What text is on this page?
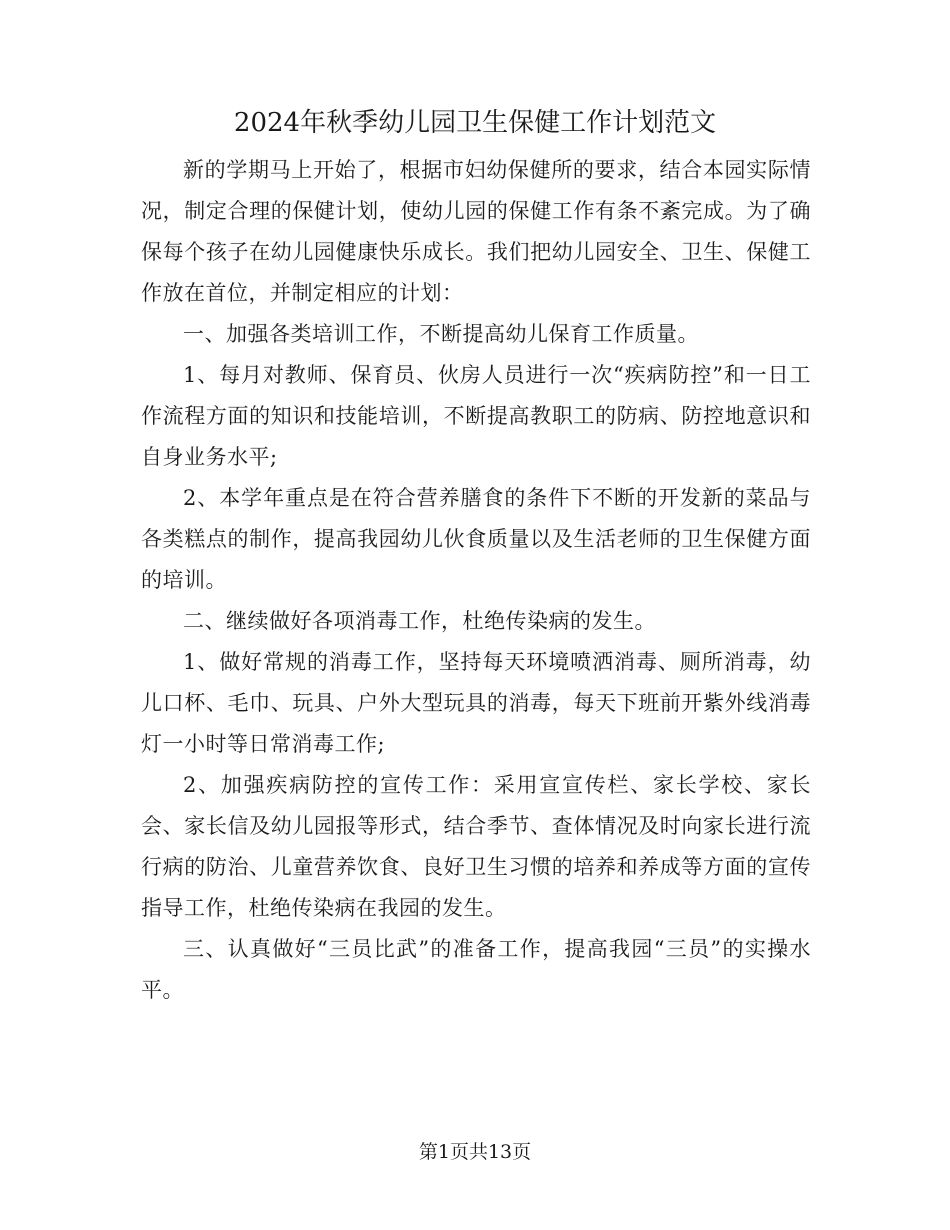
2024年秋季幼儿园卫生保健工作计划范文

新的学期马上开始了，根据市妇幼保健所的要求，结合本园实际情况，制定合理的保健计划，使幼儿园的保健工作有条不紊完成。为了确保每个孩子在幼儿园健康快乐成长。我们把幼儿园安全、卫生、保健工作放在首位，并制定相应的计划：

一、加强各类培训工作，不断提高幼儿保育工作质量。

1、每月对教师、保育员、伙房人员进行一次“疾病防控”和一日工作流程方面的知识和技能培训，不断提高教职工的防病、防控地意识和自身业务水平;

2、本学年重点是在符合营养膳食的条件下不断的开发新的菜品与各类糕点的制作，提高我园幼儿伙食质量以及生活老师的卫生保健方面的培训。

二、继续做好各项消毒工作，杜绝传染病的发生。

1、做好常规的消毒工作，坚持每天环境喷洒消毒、厕所消毒，幼儿口杯、毛巾、玩具、户外大型玩具的消毒，每天下班前开紫外线消毒灯一小时等日常消毒工作;

2、加强疾病防控的宣传工作：采用宣宣传栏、家长学校、家长会、家长信及幼儿园报等形式，结合季节、查体情况及时向家长进行流行病的防治、儿童营养饮食、良好卫生习惯的培养和养成等方面的宣传指导工作，杜绝传染病在我园的发生。

三、认真做好“三员比武”的准备工作，提高我园“三员”的实操水平。

第1页共13页
